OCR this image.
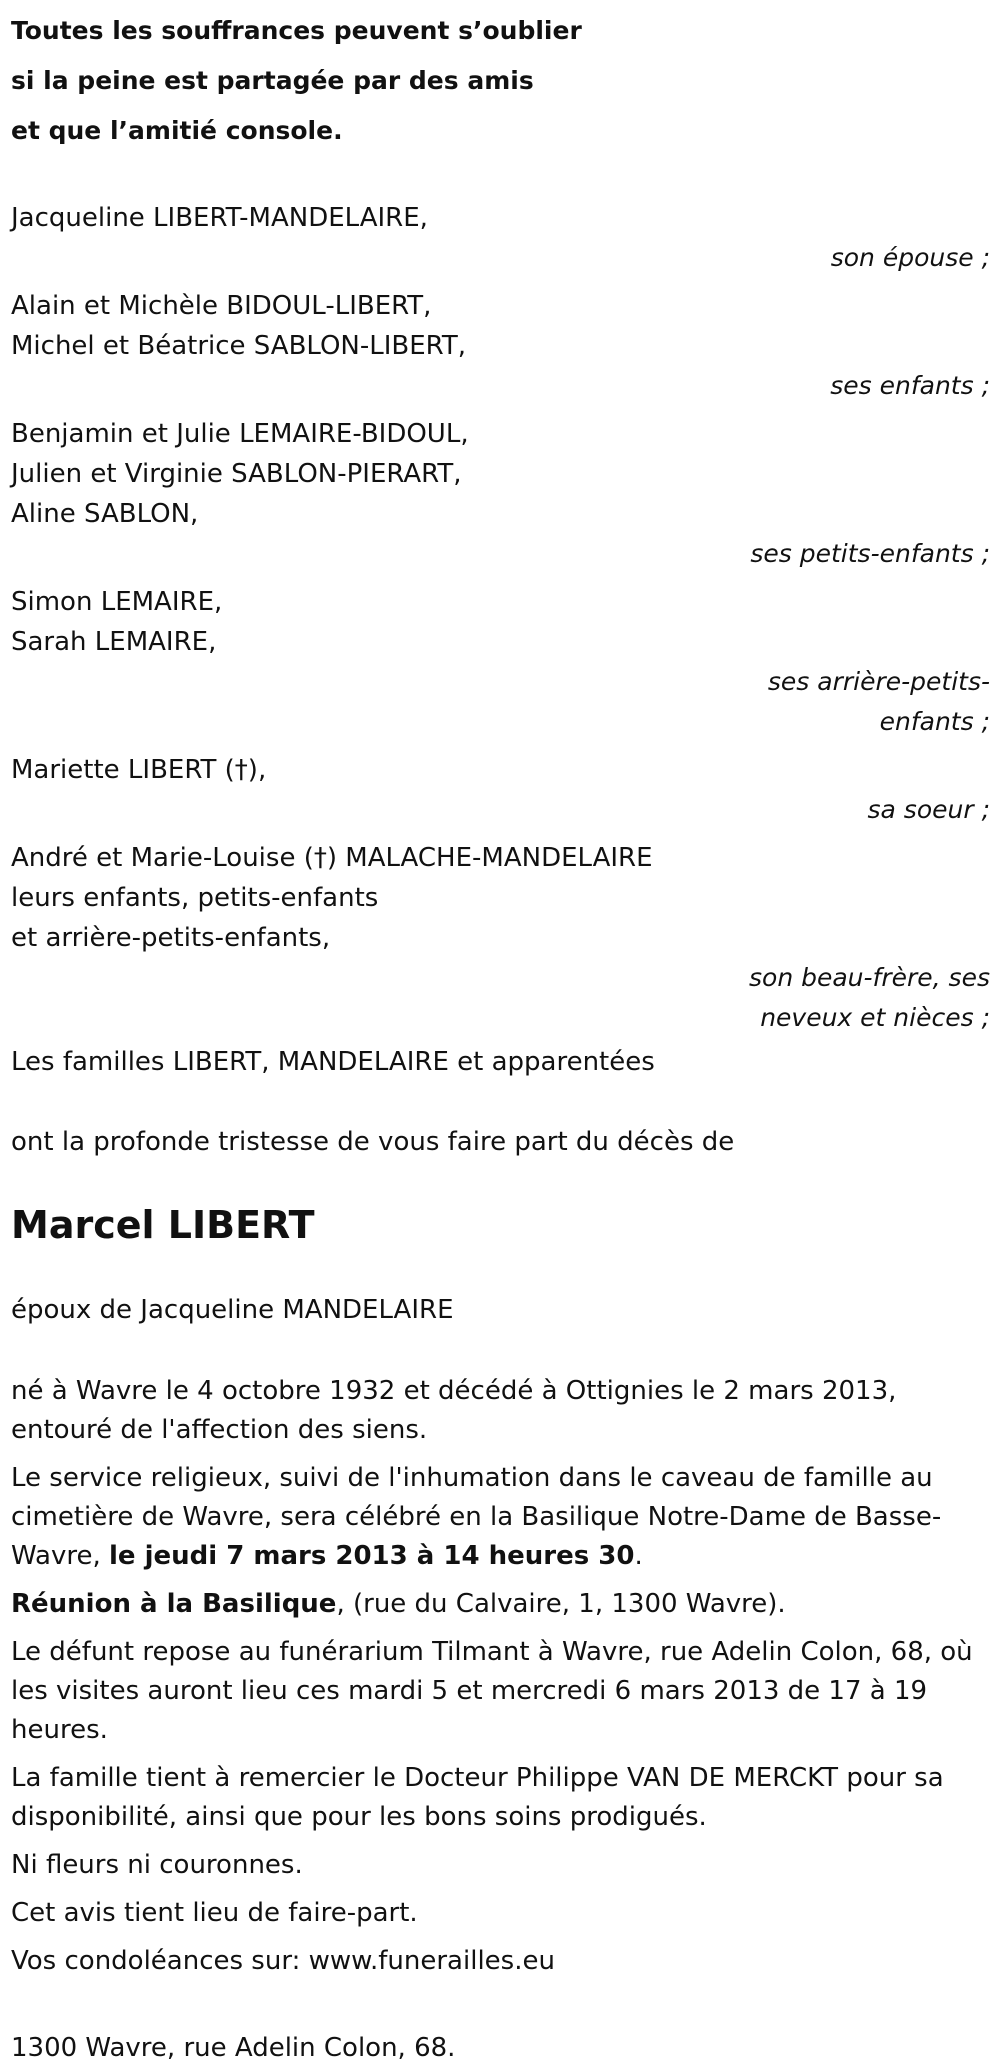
Toutes les souffrances peuvent s’oublier
si la peine est partagée par des amis
et que l’amitié console.
Jacqueline LIBERT-MANDELAIRE,
son épouse ;
Alain et Michèle BIDOUL-LIBERT,
Michel et Béatrice SABLON-LIBERT,
ses enfants ;
Benjamin et Julie LEMAIRE-BIDOUL,
Julien et Virginie SABLON-PIERART,
Aline SABLON,
ses petits-enfants ;
Simon LEMAIRE,
Sarah LEMAIRE,
ses arrière-petits-enfants ;
Mariette LIBERT (†),
sa soeur ;
André et Marie-Louise (†) MALACHE-MANDELAIRE
leurs enfants, petits-enfants
et arrière-petits-enfants,
son beau-frère, ses neveux et nièces ;

Les familles LIBERT, MANDELAIRE et apparentées

ont la profonde tristesse de vous faire part du décès de

Marcel LIBERT

époux de Jacqueline MANDELAIRE

né à Wavre le 4 octobre 1932 et décédé à Ottignies le 2 mars 2013, entouré de l'affection des siens.

Le service religieux, suivi de l'inhumation dans le caveau de famille au cimetière de Wavre, sera célébré en la Basilique Notre-Dame de Basse-Wavre, le jeudi 7 mars 2013 à 14 heures 30.

Réunion à la Basilique, (rue du Calvaire, 1, 1300 Wavre).

Le défunt repose au funérarium Tilmant à Wavre, rue Adelin Colon, 68, où les visites auront lieu ces mardi 5 et mercredi 6 mars 2013 de 17 à 19 heures.

La famille tient à remercier le Docteur Philippe VAN DE MERCKT pour sa disponibilité, ainsi que pour les bons soins prodigués.

Ni fleurs ni couronnes.

Cet avis tient lieu de faire-part.

Vos condoléances sur: www.funerailles.eu

1300 Wavre, rue Adelin Colon, 68.
